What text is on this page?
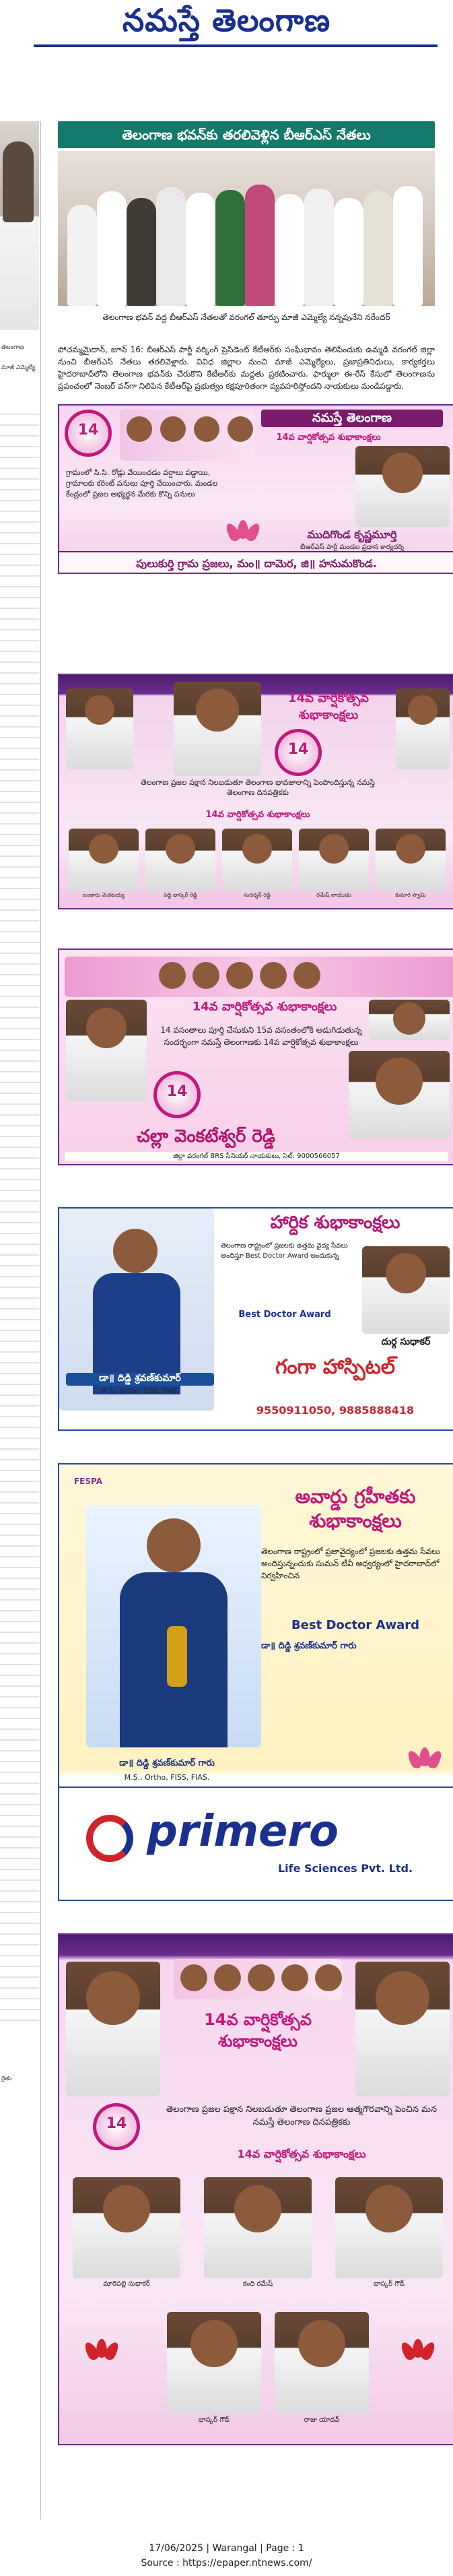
నమస్తే తెలంగాణ
తెలంగాణ
మాజీ ఎమ్మెల్యే
రైతు
తెలంగాణ భవన్‌కు తరలివెళ్లిన బీఆర్‌ఎస్ నేతలు
తెలంగాణ భవన్ వద్ద బీఆర్‌ఎస్ నేతలతో వరంగల్ తూర్పు మాజీ ఎమ్మెల్యే నన్నపునేని నరేందర్
పోచమ్మమైదాన్, జూన్ 16: బీఆర్‌ఎస్ పార్టీ వర్కింగ్ ప్రెసిడెంట్ కేటీఆర్‌కు సంఘీభావం తెలిపేందుకు ఉమ్మడి వరంగల్ జిల్లా నుంచి బీఆర్‌ఎస్ నేతలు తరలివెళ్లారు. వివిధ జిల్లాల నుంచి మాజీ ఎమ్మెల్యేలు, ప్రజాప్రతినిధులు, కార్యకర్తలు హైదరాబాద్‌లోని తెలంగాణ భవన్‌కు చేరుకొని కేటీఆర్‌కు మద్దతు ప్రకటించారు. ఫార్ములా ఈ-రేస్ కేసులో తెలంగాణను ప్రపంచంలో నెంబర్ వన్‌గా నిలిపిన కేటీఆర్‌పై ప్రభుత్వం కక్షపూరితంగా వ్యవహరిస్తోందని నాయకులు మండిపడ్డారు.
నమస్తే తెలంగాణ
14వ వార్షికోత్సవ శుభాకాంక్షలు
14
గ్రామంలో సి.సి. రోడ్లు వేయించడం వర్షాలు పడ్డాయి, గ్రామాలకు కరెంట్ పనులు పూర్తి చేయించారు. మండల కేంద్రంలో ప్రజల అభ్యర్థన మేరకు కొన్ని పనులు
ముదిగొండ కృష్ణమూర్తి
బీఆర్‌ఎస్ పార్టీ మండల ప్రధాన కార్యదర్శి
పులుకుర్తి గ్రామ ప్రజలు, మం॥ దామెర, జి॥ హనుమకొండ.
14వ వార్షికోత్సవ శుభాకాంక్షలు
14
తెలంగాణ ప్రజల పక్షాన నిలబడుతూ తెలంగాణ భావజాలాన్ని పెంపొందిస్తున్న నమస్తే తెలంగాణ దినపత్రికకు
14వ వార్షికోత్సవ శుభాకాంక్షలు
బండారు వెంకటయ్య	పెద్ది భాస్కర్ రెడ్డి	సుదర్శన్ రెడ్డి	రమేష్ నాయుడు	కుమార స్వామి
14వ వార్షికోత్సవ శుభాకాంక్షలు
14 వసంతాలు పూర్తి చేసుకుని 15వ వసంతంలోకి అడుగిడుతున్న సందర్భంగా నమస్తే తెలంగాణకు 14వ వార్షికోత్సవ శుభాకాంక్షలు
14
చల్లా వెంకటేశ్వర్ రెడ్డి
జిల్లా వరంగల్ BRS సీనియర్ నాయకులు, సెల్: 9000566057
హార్దిక శుభాకాంక్షలు
తెలంగాణ రాష్ట్రంలో ప్రజలకు ఉత్తమ వైద్య సేవలు అందిస్తూ Best Doctor Award అందుకున్న
Best Doctor Award
దుర్గ సుధాకర్
డా॥ దిడ్డి శ్రవణ్‌కుమార్
M.S., Ortho, FISS, FIAS.
గంగా హాస్పిటల్
9550911050, 9885888418
FESPA
అవార్డు గ్రహీతకు శుభాకాంక్షలు
తెలంగాణ రాష్ట్రంలో ప్రజావైద్యంలో ప్రజలకు ఉత్తమ సేవలు అందిస్తున్నందుకు సుమన్ టీవీ ఆధ్వర్యంలో హైదరాబాద్‌లో నిర్వహించిన
Best Doctor Award
డా॥ దిడ్డి శ్రవణ్‌కుమార్ గారు
డా॥ దిడ్డి శ్రవణ్‌కుమార్ గారు
M.S., Ortho, FISS, FIAS.
primero
Life Sciences Pvt. Ltd.
14వ వార్షికోత్సవ శుభాకాంక్షలు
14
తెలంగాణ ప్రజల పక్షాన నిలబడుతూ తెలంగాణ ప్రజల ఆత్మగౌరవాన్ని పెంచిన మన నమస్తే తెలంగాణ దినపత్రికకు
14వ వార్షికోత్సవ శుభాకాంక్షలు
మారెపల్లి సుధాకర్	కంది రమేష్	భాస్కర్ గౌడ్
భాస్కర్ గౌడ్	రాజు యాదవ్
17/06/2025 | Warangal | Page : 1
Source : https://epaper.ntnews.com/
